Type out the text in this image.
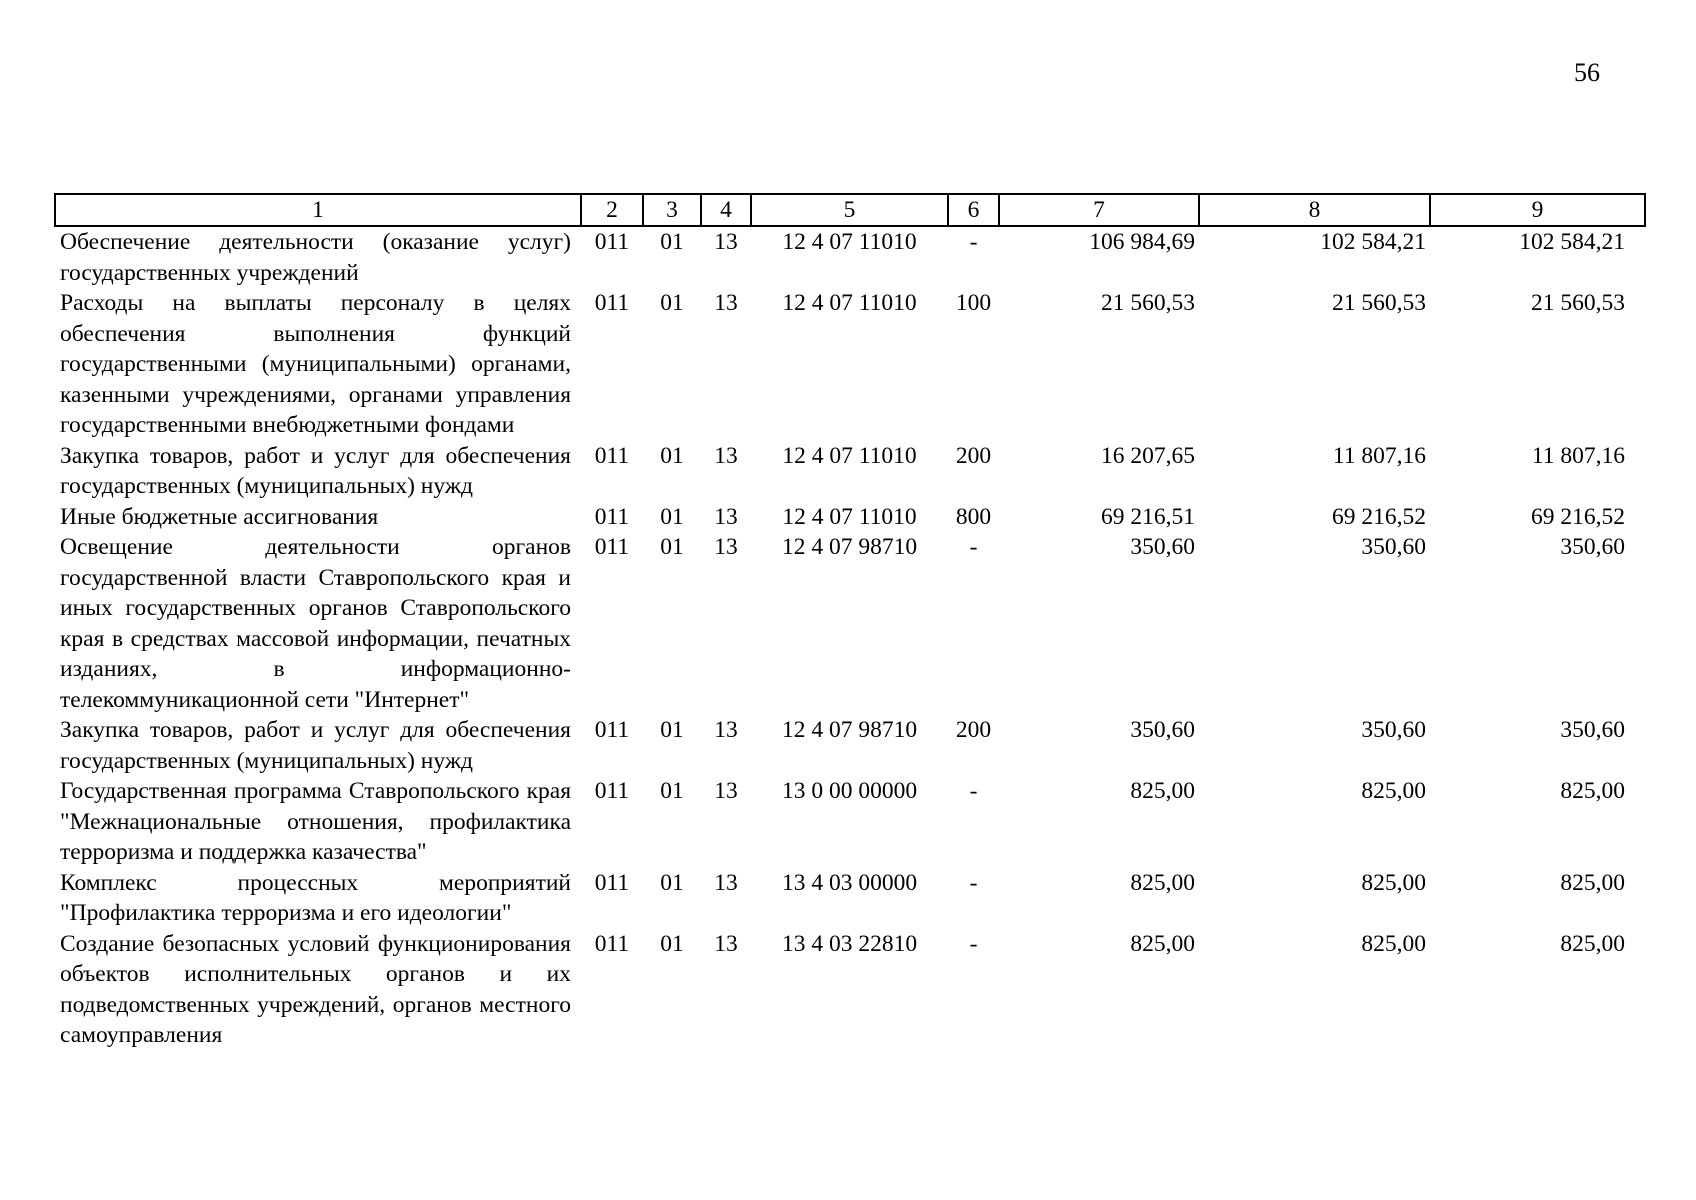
56
1	2	3	4	5	6	7	8	9
Обеспечение деятельности (оказание услуг) государственных учреждений	011	01	13	12 4 07 11010	-	106 984,69	102 584,21	102 584,21
Расходы на выплаты персоналу в целях обеспечения выполнения функций государственными (муниципальными) органами, казенными учреждениями, органами управления государственными внебюджетными фондами	011	01	13	12 4 07 11010	100	21 560,53	21 560,53	21 560,53
Закупка товаров, работ и услуг для обеспечения государственных (муниципальных) нужд	011	01	13	12 4 07 11010	200	16 207,65	11 807,16	11 807,16
Иные бюджетные ассигнования	011	01	13	12 4 07 11010	800	69 216,51	69 216,52	69 216,52
Освещение деятельности органов государственной власти Ставропольского края и иных государственных органов Ставропольского края в средствах массовой информации, печатных изданиях, в информационно-телекоммуникационной сети "Интернет"	011	01	13	12 4 07 98710	-	350,60	350,60	350,60
Закупка товаров, работ и услуг для обеспечения государственных (муниципальных) нужд	011	01	13	12 4 07 98710	200	350,60	350,60	350,60
Государственная программа Ставропольского края "Межнациональные отношения, профилактика терроризма и поддержка казачества"	011	01	13	13 0 00 00000	-	825,00	825,00	825,00
Комплекс процессных мероприятий "Профилактика терроризма и его идеологии"	011	01	13	13 4 03 00000	-	825,00	825,00	825,00
Создание безопасных условий функционирования объектов исполнительных органов и их подведомственных учреждений, органов местного самоуправления	011	01	13	13 4 03 22810	-	825,00	825,00	825,00
